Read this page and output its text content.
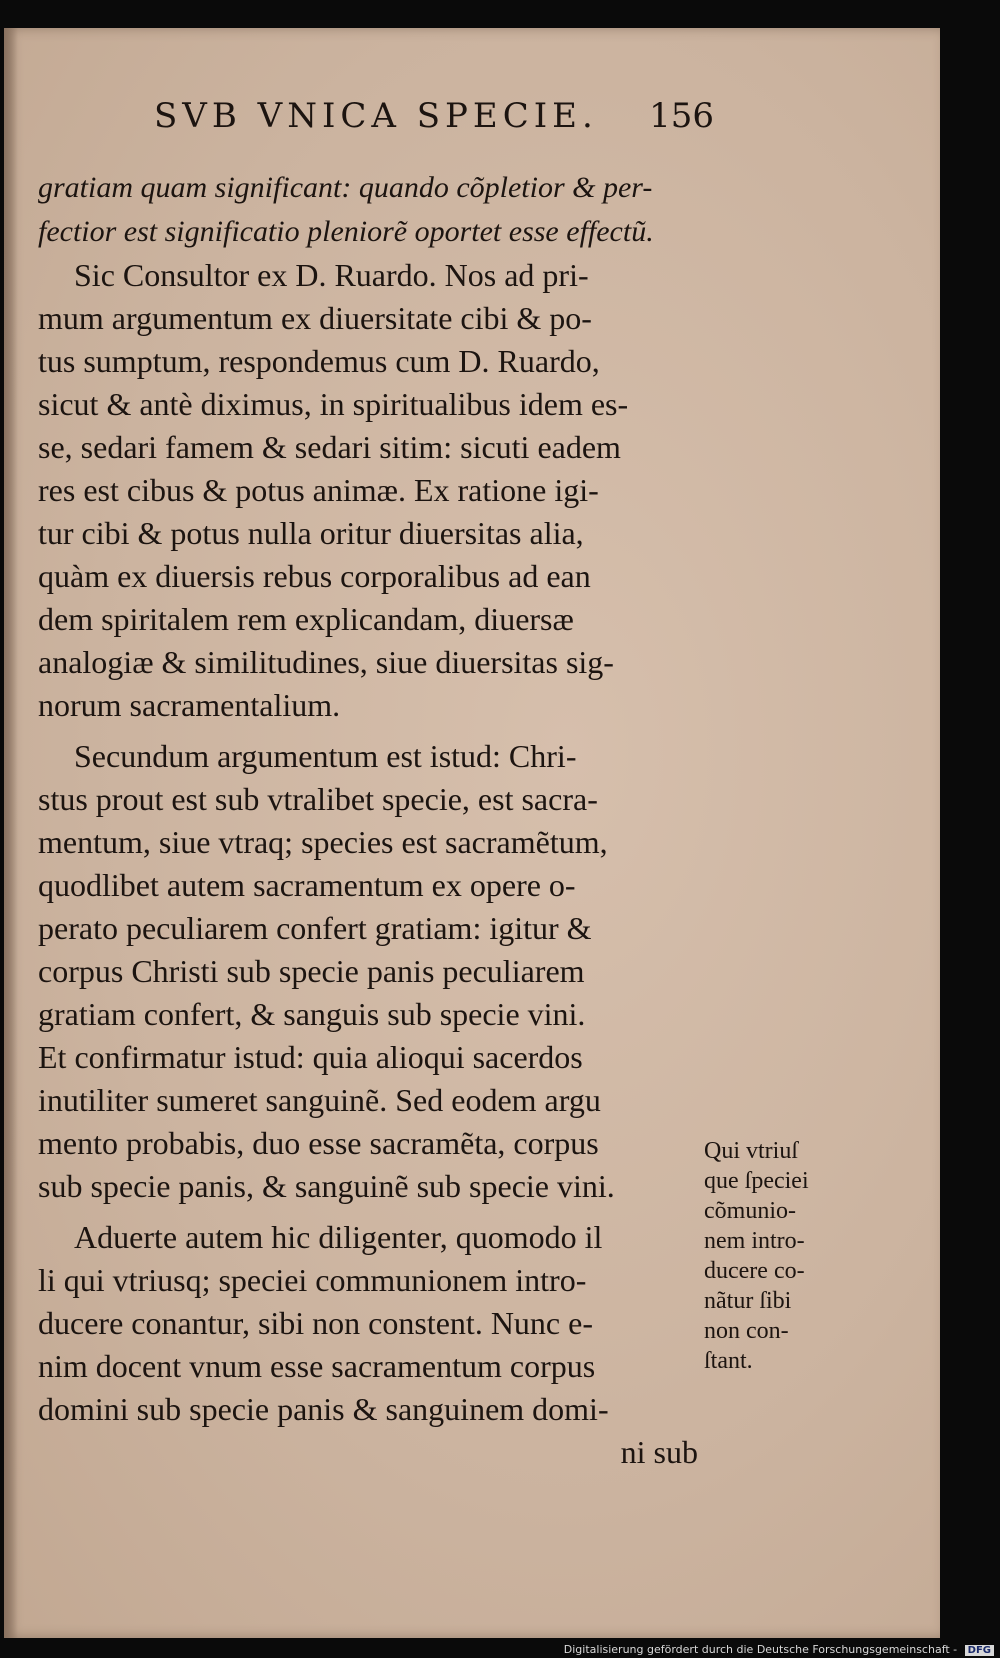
SVB VNICA SPECIE. 156
gratiam quam significant: quando cõpletior & per-
fectior est significatio pleniorẽ oportet esse effectũ.
Sic Consultor ex D. Ruardo. Nos ad pri-
mum argumentum ex diuersitate cibi & po-
tus sumptum, respondemus cum D. Ruardo,
sicut & antè diximus, in spiritualibus idem es-
se, sedari famem & sedari sitim: sicuti eadem
res est cibus & potus animæ. Ex ratione igi-
tur cibi & potus nulla oritur diuersitas alia,
quàm ex diuersis rebus corporalibus ad ean
dem spiritalem rem explicandam, diuersæ
analogiæ & similitudines, siue diuersitas sig-
norum sacramentalium.
Secundum argumentum est istud: Chri-
stus prout est sub vtralibet specie, est sacra-
mentum, siue vtraq; species est sacramẽtum,
quodlibet autem sacramentum ex opere o-
perato peculiarem confert gratiam: igitur &
corpus Christi sub specie panis peculiarem
gratiam confert, & sanguis sub specie vini.
Et confirmatur istud: quia alioqui sacerdos
inutiliter sumeret sanguinẽ. Sed eodem argu
mento probabis, duo esse sacramẽta, corpus
sub specie panis, & sanguinẽ sub specie vini.
Aduerte autem hic diligenter, quomodo il
li qui vtriusq; speciei communionem intro-
ducere conantur, sibi non constent. Nunc e-
nim docent vnum esse sacramentum corpus
domini sub specie panis & sanguinem domi-
ni sub
Qui vtriuſ
que ſpeciei
cõmunio-
nem intro-
ducere co-
nãtur ſibi
non con-
ſtant.
Digitalisierung gefördert durch die Deutsche Forschungsgemeinschaft - DFG
